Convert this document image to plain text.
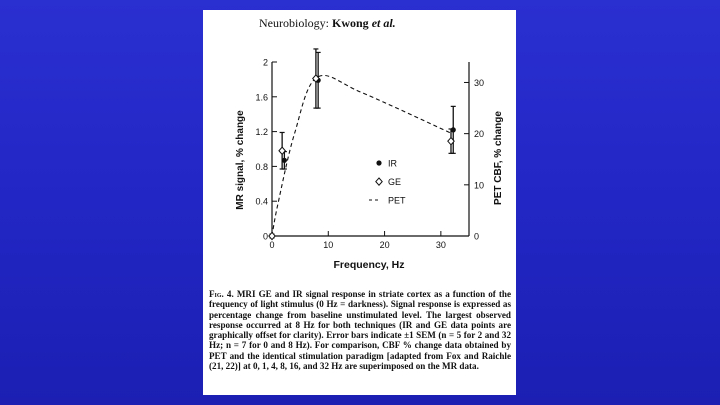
Neurobiology: Kwong et al.
0
0.4
0.8
1.2
1.6
2
0
10
20
30
0	10	20	30
IR
GE
PET
Frequency, Hz
MR signal, % change	PET CBF, % change
Fig. 4. MRI GE and IR signal response in striate cortex as a function of the frequency of light stimulus (0 Hz = darkness). Signal response is expressed as percentage change from baseline unstimulated level. The largest observed response occurred at 8 Hz for both techniques (IR and GE data points are graphically offset for clarity). Error bars indicate ±1 SEM (n = 5 for 2 and 32 Hz; n = 7 for 0 and 8 Hz). For comparison, CBF % change data obtained by PET and the identical stimulation paradigm [adapted from Fox and Raichle (21, 22)] at 0, 1, 4, 8, 16, and 32 Hz are superimposed on the MR data.
